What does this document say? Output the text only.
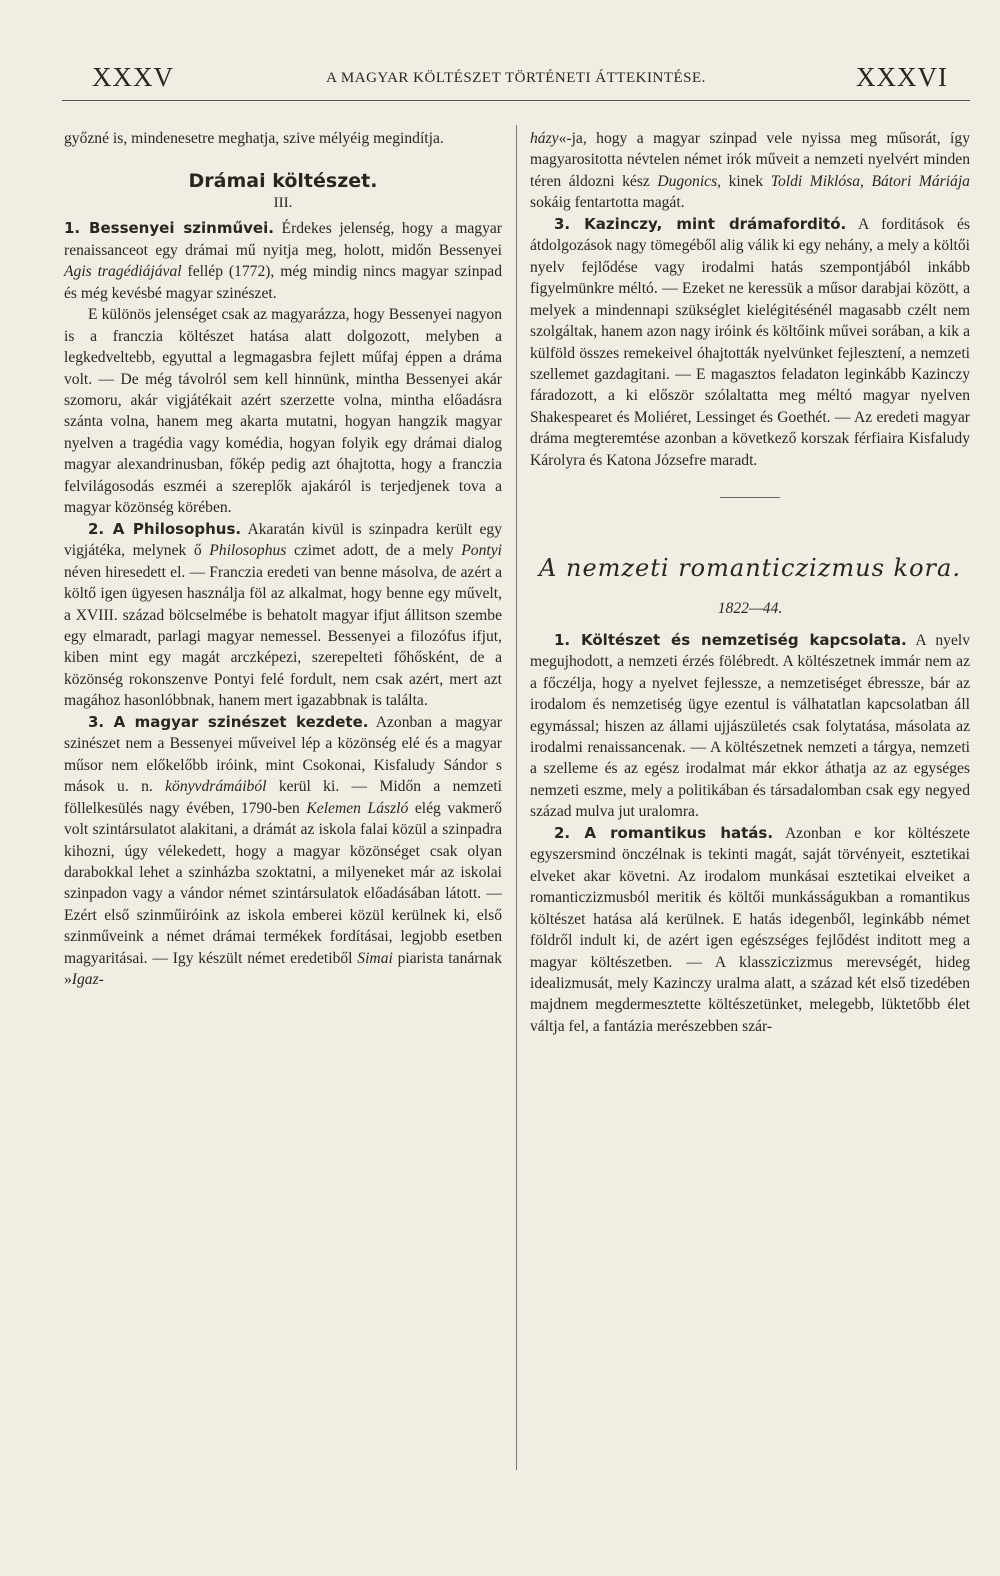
XXXV	A MAGYAR KÖLTÉSZET TÖRTÉNETI ÁTTEKINTÉSE.	XXXVI

győzné is, mindenesetre meghatja, szive mélyéig megindítja.

Drámai költészet.
III.

1. Bessenyei szinművei. Érdekes jelenség, hogy a magyar renaissanceot egy drámai mű nyitja meg, holott, midőn Bessenyei Agis tragédiájával fellép (1772), még mindig nincs magyar szinpad és még kevésbé magyar szinészet.

E különös jelenséget csak az magyarázza, hogy Bessenyei nagyon is a franczia költészet hatása alatt dolgozott, melyben a legkedveltebb, egyuttal a legmagasbra fejlett műfaj éppen a dráma volt. — De még távolról sem kell hinnünk, mintha Bessenyei akár szomoru, akár vigjátékait azért szerzette volna, mintha előadásra szánta volna, hanem meg akarta mutatni, hogyan hangzik magyar nyelven a tragédia vagy komédia, hogyan folyik egy drámai dialog magyar alexandrinusban, főkép pedig azt óhajtotta, hogy a franczia felvilágosodás eszméi a szereplők ajakáról is terjedjenek tova a magyar közönség körében.

2. A Philosophus. Akaratán kivül is szinpadra került egy vigjátéka, melynek ő Philosophus czimet adott, de a mely Pontyi néven hiresedett el. — Franczia eredeti van benne másolva, de azért a költő igen ügyesen használja föl az alkalmat, hogy benne egy művelt, a XVIII. század bölcselmébe is behatolt magyar ifjut állitson szembe egy elmaradt, parlagi magyar nemessel. Bessenyei a filozófus ifjut, kiben mint egy magát arczképezi, szerepelteti főhősként, de a közönség rokonszenve Pontyi felé fordult, nem csak azért, mert azt magához hasonlóbbnak, hanem mert igazabbnak is találta.

3. A magyar szinészet kezdete. Azonban a magyar szinészet nem a Bessenyei műveivel lép a közönség elé és a magyar műsor nem előkelőbb iróink, mint Csokonai, Kisfaludy Sándor s mások u. n. könyvdrámáiból kerül ki. — Midőn a nemzeti föllelkesülés nagy évében, 1790-ben Kelemen László elég vakmerő volt szintársulatot alakitani, a drámát az iskola falai közül a szinpadra kihozni, úgy vélekedett, hogy a magyar közönséget csak olyan darabokkal lehet a szinházba szoktatni, a milyeneket már az iskolai szinpadon vagy a vándor német szintársulatok előadásában látott. — Ezért első szinműiróink az iskola emberei közül kerülnek ki, első szinműveink a német drámai termékek fordításai, legjobb esetben magyaritásai. — Igy készült német eredetiből Simai piarista tanárnak »Igaz-

házy«-ja, hogy a magyar szinpad vele nyissa meg műsorát, így magyarositotta névtelen német irók műveit a nemzeti nyelvért minden téren áldozni kész Dugonics, kinek Toldi Miklósa, Bátori Máriája sokáig fentartotta magát.

3. Kazinczy, mint drámaforditó. A forditások és átdolgozások nagy tömegéből alig válik ki egy nehány, a mely a költői nyelv fejlődése vagy irodalmi hatás szempontjából inkább figyelmünkre méltó. — Ezeket ne keressük a műsor darabjai között, a melyek a mindennapi szükséglet kielégitésénél magasabb czélt nem szolgáltak, hanem azon nagy iróink és költőink művei sorában, a kik a külföld összes remekeivel óhajtották nyelvünket fejlesztení, a nemzeti szellemet gazdagitani. — E magasztos feladaton leginkább Kazinczy fáradozott, a ki először szólaltatta meg méltó magyar nyelven Shakespearet és Moliéret, Lessinget és Goethét. — Az eredeti magyar dráma megteremtése azonban a következő korszak férfiaira Kisfaludy Károlyra és Katona Józsefre maradt.

A nemzeti romanticzizmus kora.
1822—44.

1. Költészet és nemzetiség kapcsolata. A nyelv megujhodott, a nemzeti érzés fölébredt. A költészetnek immár nem az a főczélja, hogy a nyelvet fejlessze, a nemzetiséget ébressze, bár az irodalom és nemzetiség ügye ezentul is válhatatlan kapcsolatban áll egymással; hiszen az állami ujjászületés csak folytatása, másolata az irodalmi renaissancenak. — A költészetnek nemzeti a tárgya, nemzeti a szelleme és az egész irodalmat már ekkor áthatja az az egységes nemzeti eszme, mely a politikában és társadalomban csak egy negyed század mulva jut uralomra.

2. A romantikus hatás. Azonban e kor költészete egyszersmind önczélnak is tekinti magát, saját törvényeit, esztetikai elveket akar követni. Az irodalom munkásai esztetikai elveiket a romanticzizmusból meritik és költői munkásságukban a romantikus költészet hatása alá kerülnek. E hatás idegenből, leginkább német földről indult ki, de azért igen egészséges fejlődést inditott meg a magyar költészetben. — A klassziczizmus merevségét, hideg idealizmusát, mely Kazinczy uralma alatt, a század két első tizedében majdnem megdermesztette költészetünket, melegebb, lüktetőbb élet váltja fel, a fantázia merészebben szár-
